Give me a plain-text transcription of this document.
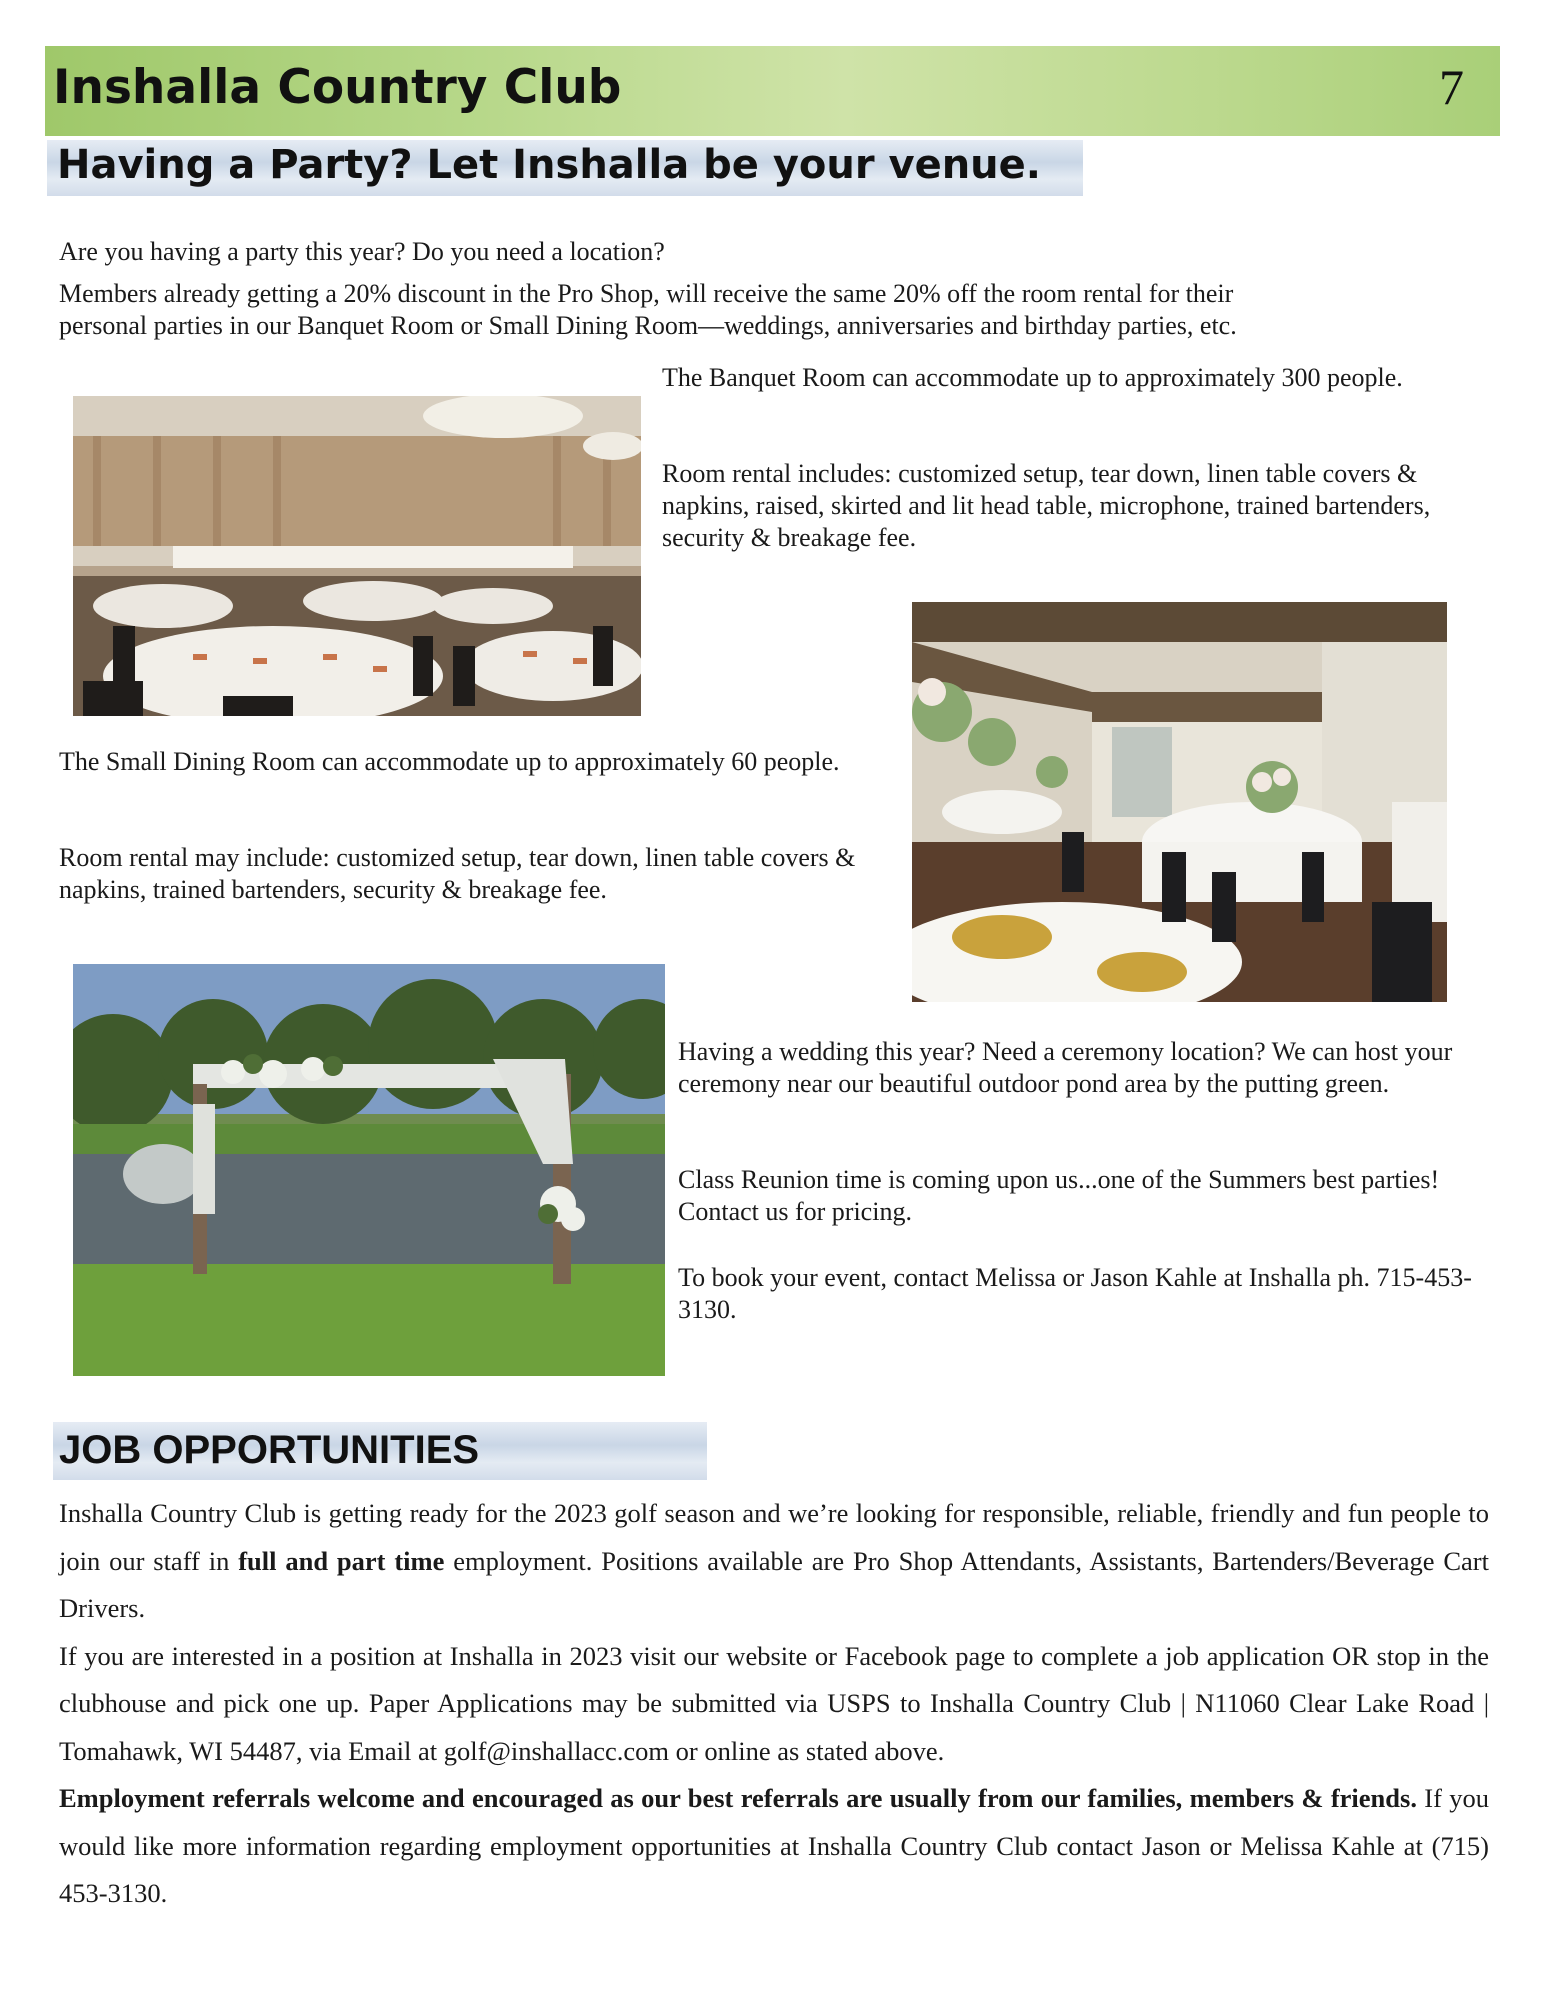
Inshalla Country Club	7
Having a Party? Let Inshalla be your venue.

Are you having a party this year? Do you need a location?

Members already getting a 20% discount in the Pro Shop, will receive the same 20% off the room rental for their

personal parties in our Banquet Room or Small Dining Room—weddings, anniversaries and birthday parties, etc.

The Banquet Room can accommodate up to approximately 300 people.

Room rental includes: customized setup, tear down, linen table covers & napkins, raised, skirted and lit head table, microphone, trained bartenders, security & breakage fee.

The Small Dining Room can accommodate up to approximately 60 people.

Room rental may include: customized setup, tear down, linen table covers & napkins, trained bartenders, security & breakage fee.

Having a wedding this year? Need a ceremony location? We can host your ceremony near our beautiful outdoor pond area by the putting green.

Class Reunion time is coming upon us...one of the Summers best parties! Contact us for pricing.

To book your event, contact Melissa or Jason Kahle at Inshalla ph. 715-453-3130.

JOB OPPORTUNITIES
Inshalla Country Club is getting ready for the 2023 golf season and we’re looking for responsible, reliable, friendly and fun people to join our staff in full and part time employment. Positions available are Pro Shop Attendants, Assistants, Bartenders/Beverage Cart Drivers.
If you are interested in a position at Inshalla in 2023 visit our website or Facebook page to complete a job application OR stop in the clubhouse and pick one up. Paper Applications may be submitted via USPS to Inshalla Country Club | N11060 Clear Lake Road | Tomahawk, WI 54487, via Email at golf@inshallacc.com or online as stated above.
Employment referrals welcome and encouraged as our best referrals are usually from our families, members & friends. If you would like more information regarding employment opportunities at Inshalla Country Club contact Jason or Melissa Kahle at (715) 453-3130.
